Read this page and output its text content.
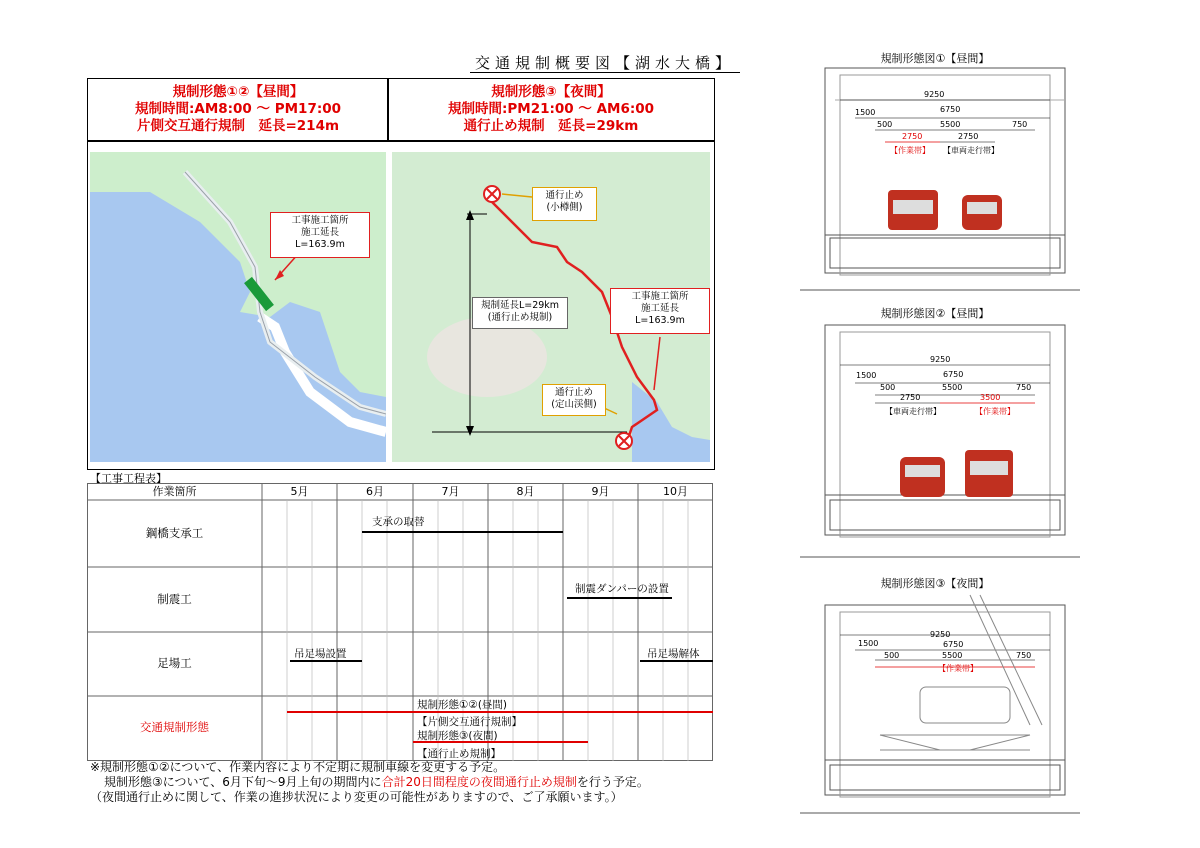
交通規制概要図【湖水大橋】
規制形態①②【昼間】
規制時間:AM8:00 ～ PM17:00
片側交互通行規制　延長=214m
規制形態③【夜間】
規制時間:PM21:00 ～ AM6:00
通行止め規制　延長=29km
工事施工箇所
施工延長
L=163.9m
通行止め
(小樽側)
工事施工箇所
施工延長
L=163.9m
規制延長L=29km
(通行止め規制)
通行止め
(定山渓側)
【工事工程表】
作業箇所	5月	6月	7月	8月	9月	10月
鋼橋支承工
支承の取替
制震工
制震ダンパーの設置
足場工
吊足場設置	吊足場解体
交通規制形態
規制形態①②(昼間)
【片側交互通行規制】
規制形態③(夜間)
【通行止め規制】
※規制形態①②について、作業内容により不定期に規制車線を変更する予定。
規制形態③について、6月下旬～9月上旬の期間内に合計20日間程度の夜間通行止め規制を行う予定。
（夜間通行止めに関して、作業の進捗状況により変更の可能性がありますので、ご了承願います。）
規制形態図①【昼間】
9250
6750
1500
500	5500	750
2750	2750
【作業帯】 【車両走行帯】
規制形態図②【昼間】
9250
6750
1500
500	5500	750
2750	3500
【車両走行帯】	【作業帯】
規制形態図③【夜間】
9250
6750
1500
500	5500	750
【作業帯】
